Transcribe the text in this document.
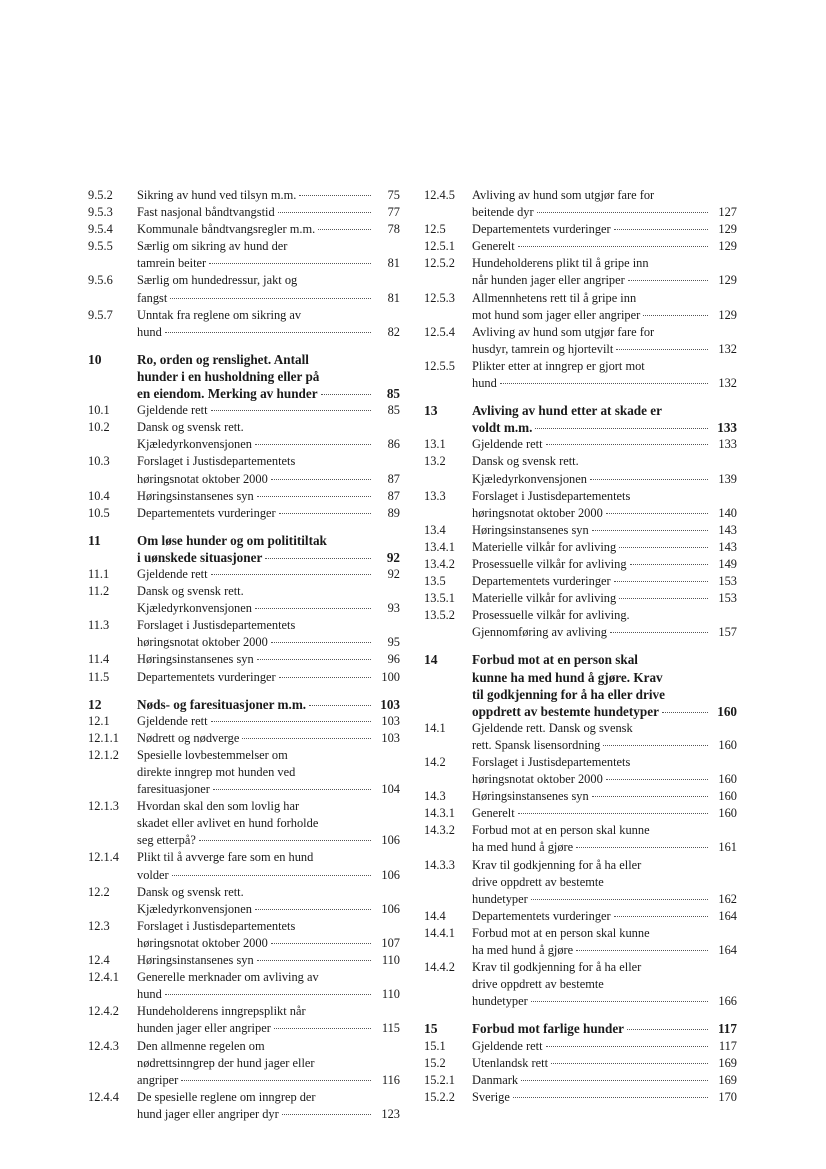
9.5.2	Sikring av hund ved tilsyn m.m.	75
9.5.3	Fast nasjonal båndtvangstid	77
9.5.4	Kommunale båndtvangsregler m.m.	78
9.5.5	Særlig om sikring av hund der
tamrein beiter	81
9.5.6	Særlig om hundedressur, jakt og
fangst	81
9.5.7	Unntak fra reglene om sikring av
hund	82
10	Ro, orden og renslighet. Antall
hunder i en husholdning eller på
en eiendom. Merking av hunder	85
10.1	Gjeldende rett	85
10.2	Dansk og svensk rett.
Kjæledyrkonvensjonen	86
10.3	Forslaget i Justisdepartementets
høringsnotat oktober 2000	87
10.4	Høringsinstansenes syn	87
10.5	Departementets vurderinger	89
11	Om løse hunder og om polititiltak
i uønskede situasjoner	92
11.1	Gjeldende rett	92
11.2	Dansk og svensk rett.
Kjæledyrkonvensjonen	93
11.3	Forslaget i Justisdepartementets
høringsnotat oktober 2000	95
11.4	Høringsinstansenes syn	96
11.5	Departementets vurderinger	100
12	Nøds- og faresituasjoner m.m.	103
12.1	Gjeldende rett	103
12.1.1	Nødrett og nødverge	103
12.1.2	Spesielle lovbestemmelser om
direkte inngrep mot hunden ved
faresituasjoner	104
12.1.3	Hvordan skal den som lovlig har
skadet eller avlivet en hund forholde
seg etterpå?	106
12.1.4	Plikt til å avverge fare som en hund
volder	106
12.2	Dansk og svensk rett.
Kjæledyrkonvensjonen	106
12.3	Forslaget i Justisdepartementets
høringsnotat oktober 2000	107
12.4	Høringsinstansenes syn	110
12.4.1	Generelle merknader om avliving av
hund	110
12.4.2	Hundeholderens inngrepsplikt når
hunden jager eller angriper	115
12.4.3	Den allmenne regelen om
nødrettsinngrep der hund jager eller
angriper	116
12.4.4	De spesielle reglene om inngrep der
hund jager eller angriper dyr	123
12.4.5	Avliving av hund som utgjør fare for
beitende dyr	127
12.5	Departementets vurderinger	129
12.5.1	Generelt	129
12.5.2	Hundeholderens plikt til å gripe inn
når hunden jager eller angriper	129
12.5.3	Allmennhetens rett til å gripe inn
mot hund som jager eller angriper	129
12.5.4	Avliving av hund som utgjør fare for
husdyr, tamrein og hjortevilt	132
12.5.5	Plikter etter at inngrep er gjort mot
hund	132
13	Avliving av hund etter at skade er
voldt m.m.	133
13.1	Gjeldende rett	133
13.2	Dansk og svensk rett.
Kjæledyrkonvensjonen	139
13.3	Forslaget i Justisdepartementets
høringsnotat oktober 2000	140
13.4	Høringsinstansenes syn	143
13.4.1	Materielle vilkår for avliving	143
13.4.2	Prosessuelle vilkår for avliving	149
13.5	Departementets vurderinger	153
13.5.1	Materielle vilkår for avliving	153
13.5.2	Prosessuelle vilkår for avliving.
Gjennomføring av avliving	157
14	Forbud mot at en person skal
kunne ha med hund å gjøre. Krav
til godkjenning for å ha eller drive
oppdrett av bestemte hundetyper	160
14.1	Gjeldende rett. Dansk og svensk
rett. Spansk lisensordning	160
14.2	Forslaget i Justisdepartementets
høringsnotat oktober 2000	160
14.3	Høringsinstansenes syn	160
14.3.1	Generelt	160
14.3.2	Forbud mot at en person skal kunne
ha med hund å gjøre	161
14.3.3	Krav til godkjenning for å ha eller
drive oppdrett av bestemte
hundetyper	162
14.4	Departementets vurderinger	164
14.4.1	Forbud mot at en person skal kunne
ha med hund å gjøre	164
14.4.2	Krav til godkjenning for å ha eller
drive oppdrett av bestemte
hundetyper	166
15	Forbud mot farlige hunder	117
15.1	Gjeldende rett	117
15.2	Utenlandsk rett	169
15.2.1	Danmark	169
15.2.2	Sverige	170
